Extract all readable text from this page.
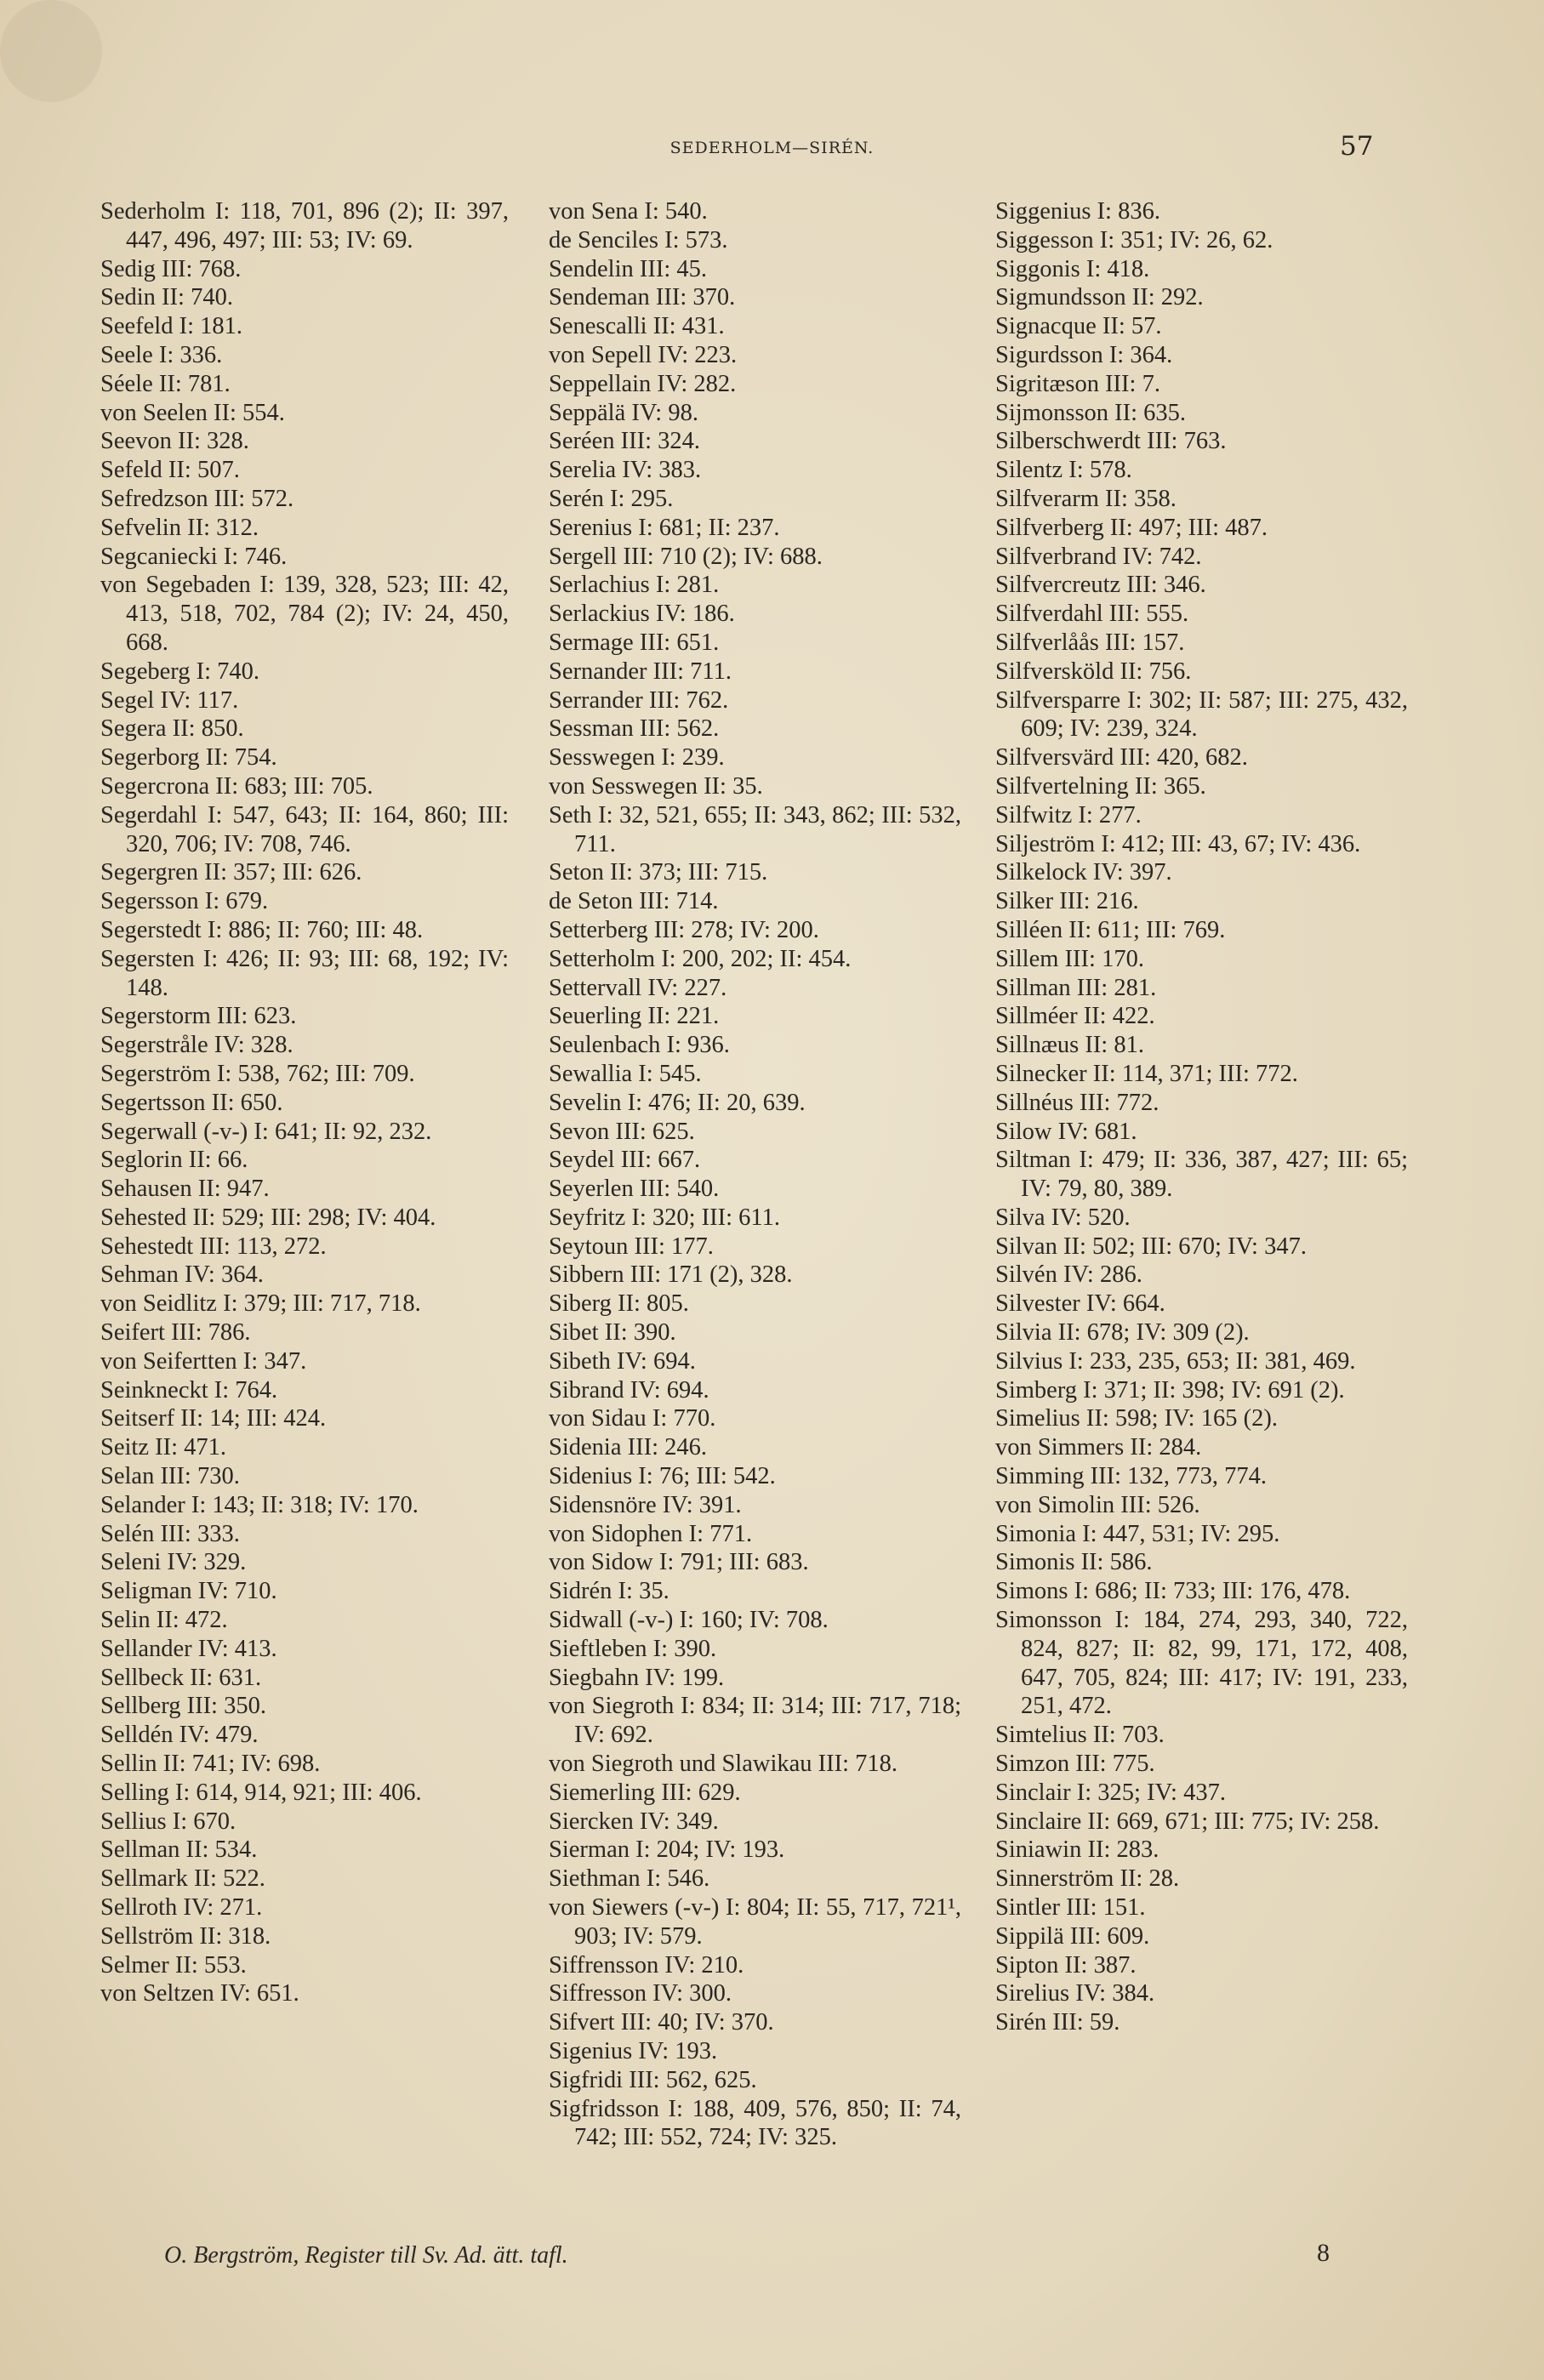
SEDERHOLM—SIRÉN.	57
Sederholm I: 118, 701, 896 (2); II: 397, 447, 496, 497; III: 53; IV: 69.
Sedig III: 768.
Sedin II: 740.
Seefeld I: 181.
Seele I: 336.
Séele II: 781.
von Seelen II: 554.
Seevon II: 328.
Sefeld II: 507.
Sefredzson III: 572.
Sefvelin II: 312.
Segcaniecki I: 746.
von Segebaden I: 139, 328, 523; III: 42, 413, 518, 702, 784 (2); IV: 24, 450, 668.
Segeberg I: 740.
Segel IV: 117.
Segera II: 850.
Segerborg II: 754.
Segercrona II: 683; III: 705.
Segerdahl I: 547, 643; II: 164, 860; III: 320, 706; IV: 708, 746.
Segergren II: 357; III: 626.
Segersson I: 679.
Segerstedt I: 886; II: 760; III: 48.
Segersten I: 426; II: 93; III: 68, 192; IV: 148.
Segerstorm III: 623.
Segerstråle IV: 328.
Segerström I: 538, 762; III: 709.
Segertsson II: 650.
Segerwall (-v-) I: 641; II: 92, 232.
Seglorin II: 66.
Sehausen II: 947.
Sehested II: 529; III: 298; IV: 404.
Sehestedt III: 113, 272.
Sehman IV: 364.
von Seidlitz I: 379; III: 717, 718.
Seifert III: 786.
von Seifertten I: 347.
Seinkneckt I: 764.
Seitserf II: 14; III: 424.
Seitz II: 471.
Selan III: 730.
Selander I: 143; II: 318; IV: 170.
Selén III: 333.
Seleni IV: 329.
Seligman IV: 710.
Selin II: 472.
Sellander IV: 413.
Sellbeck II: 631.
Sellberg III: 350.
Selldén IV: 479.
Sellin II: 741; IV: 698.
Selling I: 614, 914, 921; III: 406.
Sellius I: 670.
Sellman II: 534.
Sellmark II: 522.
Sellroth IV: 271.
Sellström II: 318.
Selmer II: 553.
von Seltzen IV: 651.
von Sena I: 540.
de Senciles I: 573.
Sendelin III: 45.
Sendeman III: 370.
Senescalli II: 431.
von Sepell IV: 223.
Seppellain IV: 282.
Seppälä IV: 98.
Seréen III: 324.
Serelia IV: 383.
Serén I: 295.
Serenius I: 681; II: 237.
Sergell III: 710 (2); IV: 688.
Serlachius I: 281.
Serlackius IV: 186.
Sermage III: 651.
Sernander III: 711.
Serrander III: 762.
Sessman III: 562.
Sesswegen I: 239.
von Sesswegen II: 35.
Seth I: 32, 521, 655; II: 343, 862; III: 532, 711.
Seton II: 373; III: 715.
de Seton III: 714.
Setterberg III: 278; IV: 200.
Setterholm I: 200, 202; II: 454.
Settervall IV: 227.
Seuerling II: 221.
Seulenbach I: 936.
Sewallia I: 545.
Sevelin I: 476; II: 20, 639.
Sevon III: 625.
Seydel III: 667.
Seyerlen III: 540.
Seyfritz I: 320; III: 611.
Seytoun III: 177.
Sibbern III: 171 (2), 328.
Siberg II: 805.
Sibet II: 390.
Sibeth IV: 694.
Sibrand IV: 694.
von Sidau I: 770.
Sidenia III: 246.
Sidenius I: 76; III: 542.
Sidensnöre IV: 391.
von Sidophen I: 771.
von Sidow I: 791; III: 683.
Sidrén I: 35.
Sidwall (-v-) I: 160; IV: 708.
Sieftleben I: 390.
Siegbahn IV: 199.
von Siegroth I: 834; II: 314; III: 717, 718; IV: 692.
von Siegroth und Slawikau III: 718.
Siemerling III: 629.
Siercken IV: 349.
Sierman I: 204; IV: 193.
Siethman I: 546.
von Siewers (-v-) I: 804; II: 55, 717, 721¹, 903; IV: 579.
Siffrensson IV: 210.
Siffresson IV: 300.
Sifvert III: 40; IV: 370.
Sigenius IV: 193.
Sigfridi III: 562, 625.
Sigfridsson I: 188, 409, 576, 850; II: 74, 742; III: 552, 724; IV: 325.
Siggenius I: 836.
Siggesson I: 351; IV: 26, 62.
Siggonis I: 418.
Sigmundsson II: 292.
Signacque II: 57.
Sigurdsson I: 364.
Sigritæson III: 7.
Sijmonsson II: 635.
Silberschwerdt III: 763.
Silentz I: 578.
Silfverarm II: 358.
Silfverberg II: 497; III: 487.
Silfverbrand IV: 742.
Silfvercreutz III: 346.
Silfverdahl III: 555.
Silfverlåås III: 157.
Silfversköld II: 756.
Silfversparre I: 302; II: 587; III: 275, 432, 609; IV: 239, 324.
Silfversvärd III: 420, 682.
Silfvertelning II: 365.
Silfwitz I: 277.
Siljeström I: 412; III: 43, 67; IV: 436.
Silkelock IV: 397.
Silker III: 216.
Silléen II: 611; III: 769.
Sillem III: 170.
Sillman III: 281.
Sillméer II: 422.
Sillnæus II: 81.
Silnecker II: 114, 371; III: 772.
Sillnéus III: 772.
Silow IV: 681.
Siltman I: 479; II: 336, 387, 427; III: 65; IV: 79, 80, 389.
Silva IV: 520.
Silvan II: 502; III: 670; IV: 347.
Silvén IV: 286.
Silvester IV: 664.
Silvia II: 678; IV: 309 (2).
Silvius I: 233, 235, 653; II: 381, 469.
Simberg I: 371; II: 398; IV: 691 (2).
Simelius II: 598; IV: 165 (2).
von Simmers II: 284.
Simming III: 132, 773, 774.
von Simolin III: 526.
Simonia I: 447, 531; IV: 295.
Simonis II: 586.
Simons I: 686; II: 733; III: 176, 478.
Simonsson I: 184, 274, 293, 340, 722, 824, 827; II: 82, 99, 171, 172, 408, 647, 705, 824; III: 417; IV: 191, 233, 251, 472.
Simtelius II: 703.
Simzon III: 775.
Sinclair I: 325; IV: 437.
Sinclaire II: 669, 671; III: 775; IV: 258.
Siniawin II: 283.
Sinnerström II: 28.
Sintler III: 151.
Sippilä III: 609.
Sipton II: 387.
Sirelius IV: 384.
Sirén III: 59.
O. Bergström, Register till Sv. Ad. ätt. tafl.	8
